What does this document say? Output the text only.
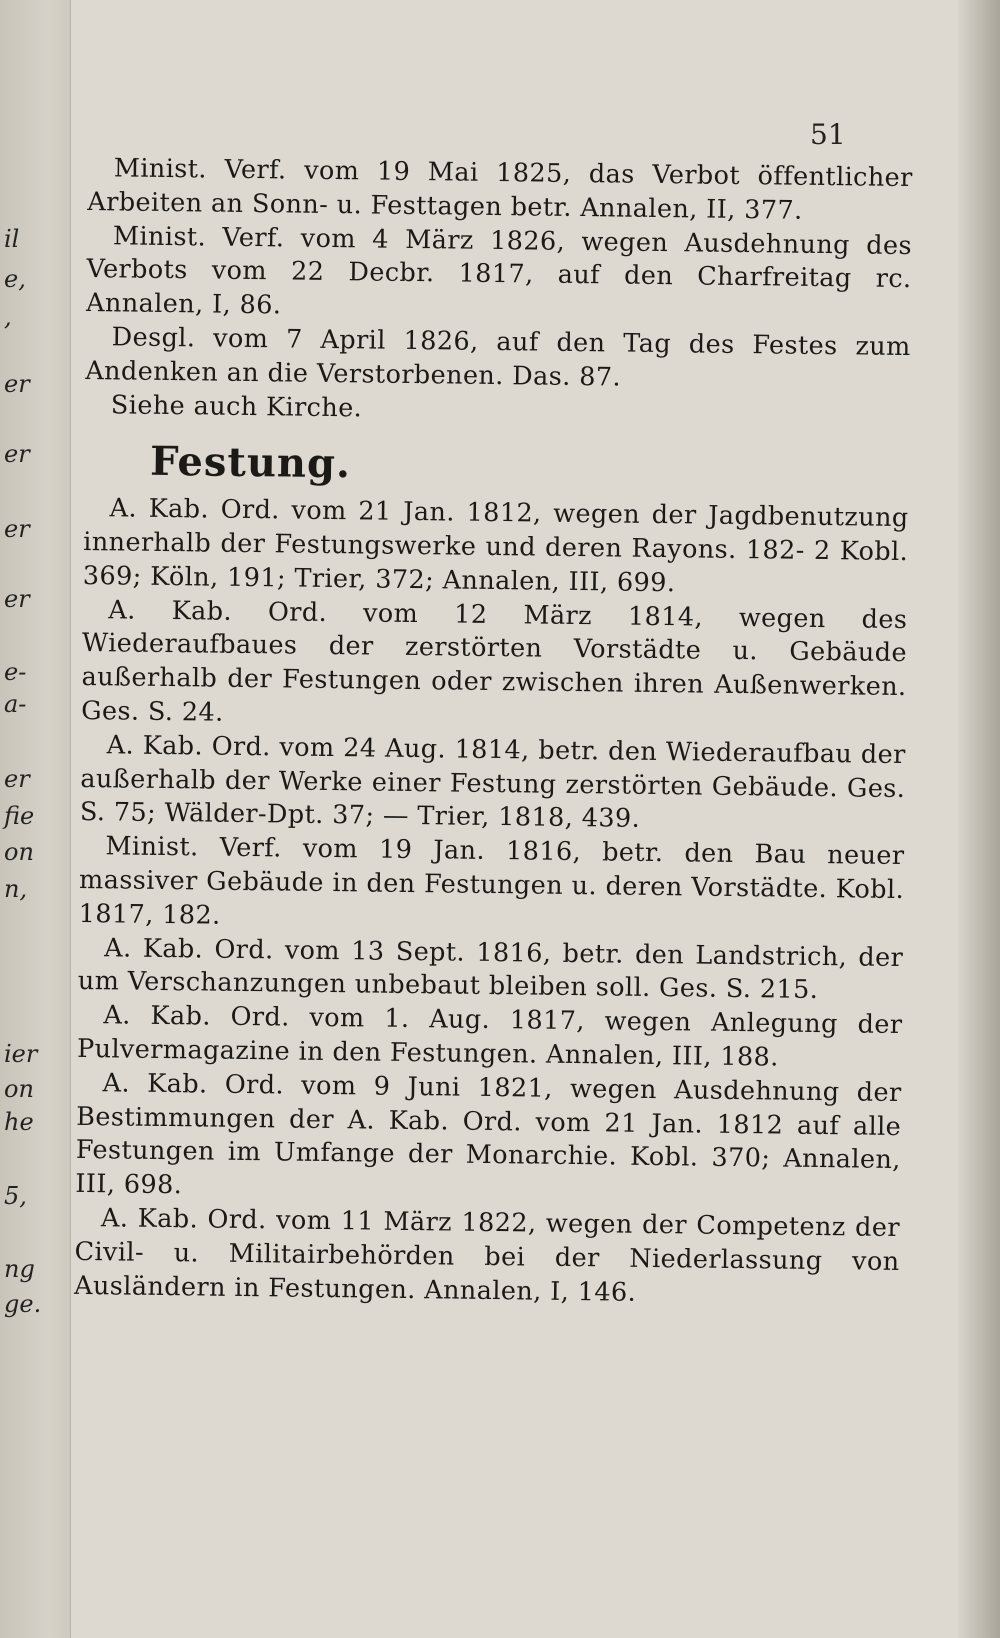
il
e,
,
er
er
er
er
e-
a-
er
fie
on
n,
ier
on
he
5,
ng
ge.
51

Minist. Verf. vom 19 Mai 1825, das Verbot öffentlicher Arbeiten an Sonn- u. Festtagen betr. Annalen, II, 377.

Minist. Verf. vom 4 März 1826, wegen Ausdehnung des Verbots vom 22 Decbr. 1817, auf den Charfreitag rc. Annalen, I, 86.

Desgl. vom 7 April 1826, auf den Tag des Festes zum Andenken an die Verstorbenen. Das. 87.

Siehe auch Kirche.

Festung.

A. Kab. Ord. vom 21 Jan. 1812, wegen der Jagdbenutzung innerhalb der Festungswerke und deren Rayons. 182- 2 Kobl. 369; Köln, 191; Trier, 372; Annalen, III, 699.

A. Kab. Ord. vom 12 März 1814, wegen des Wiederaufbaues der zerstörten Vorstädte u. Gebäude außerhalb der Festungen oder zwischen ihren Außenwerken. Ges. S. 24.

A. Kab. Ord. vom 24 Aug. 1814, betr. den Wiederaufbau der außerhalb der Werke einer Festung zerstörten Gebäude. Ges. S. 75; Wälder-Dpt. 37; — Trier, 1818, 439.

Minist. Verf. vom 19 Jan. 1816, betr. den Bau neuer massiver Gebäude in den Festungen u. deren Vorstädte. Kobl. 1817, 182.

A. Kab. Ord. vom 13 Sept. 1816, betr. den Landstrich, der um Verschanzungen unbebaut bleiben soll. Ges. S. 215.

A. Kab. Ord. vom 1. Aug. 1817, wegen Anlegung der Pulvermagazine in den Festungen. Annalen, III, 188.

A. Kab. Ord. vom 9 Juni 1821, wegen Ausdehnung der Bestimmungen der A. Kab. Ord. vom 21 Jan. 1812 auf alle Festungen im Umfange der Monarchie. Kobl. 370; Annalen, III, 698.

A. Kab. Ord. vom 11 März 1822, wegen der Competenz der Civil- u. Militairbehörden bei der Niederlassung von Ausländern in Festungen. Annalen, I, 146.
